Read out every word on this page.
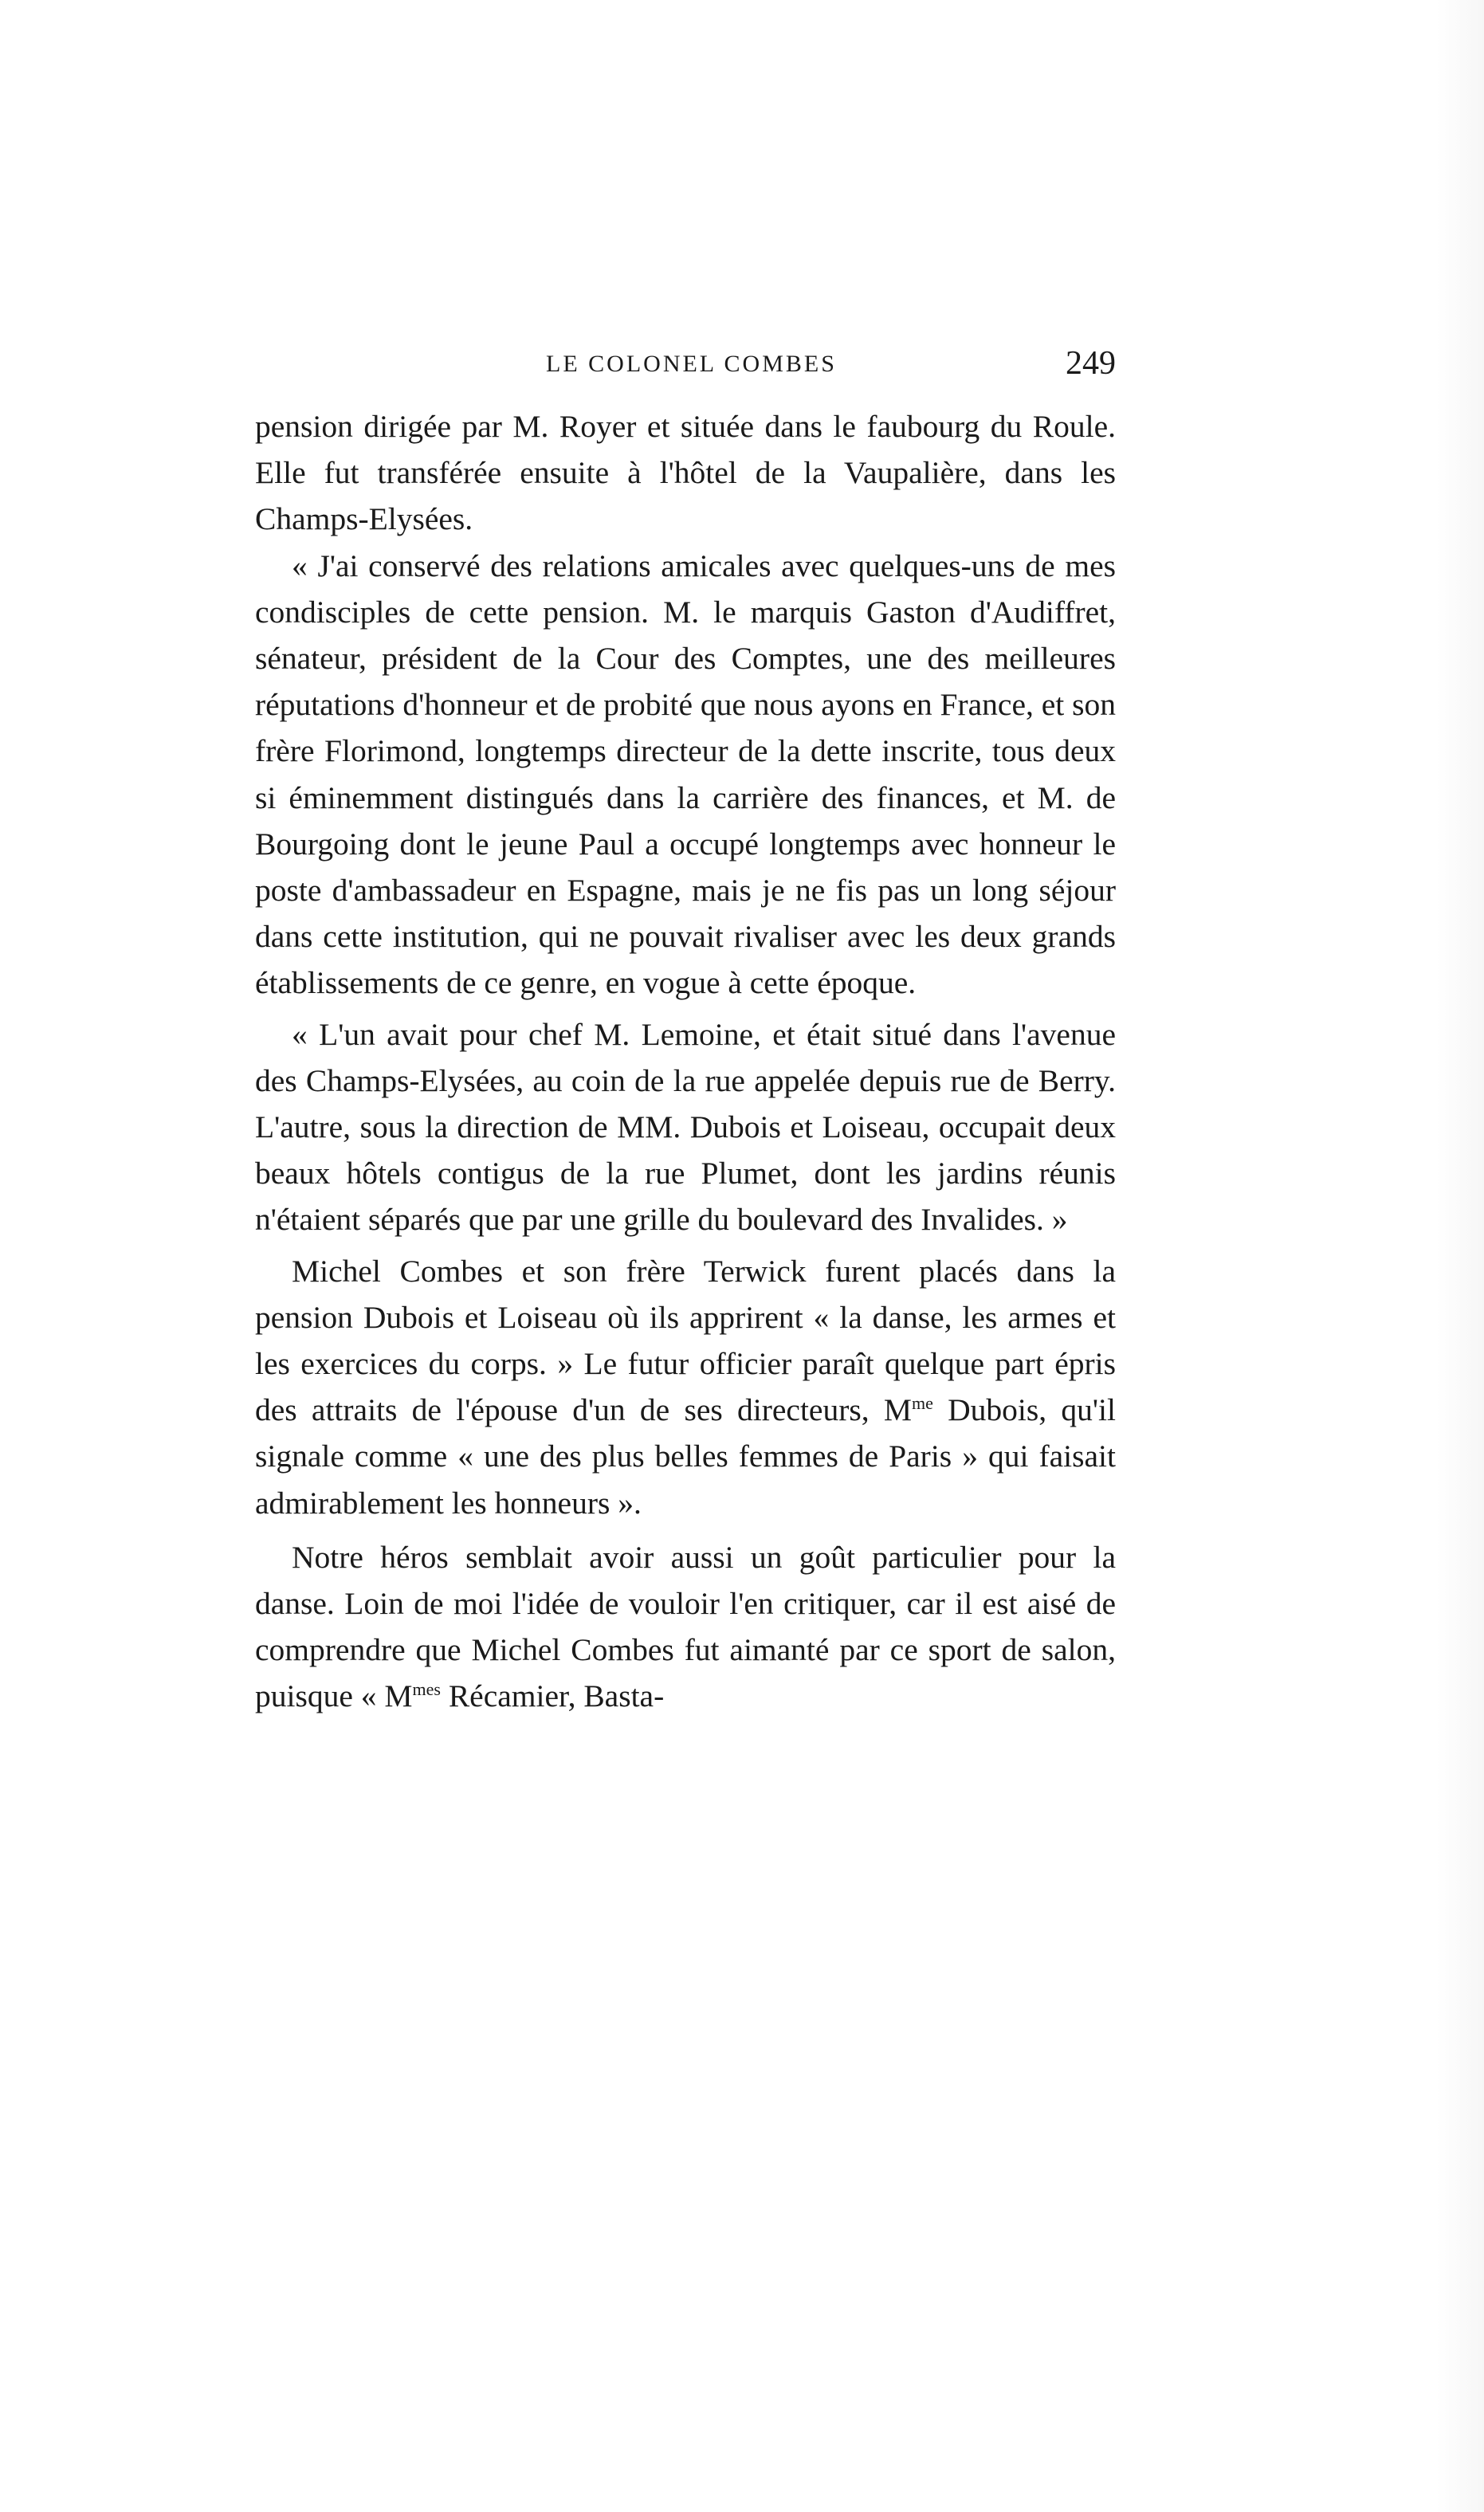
LE COLONEL COMBES	249

pension dirigée par M. Royer et située dans le faubourg du Roule. Elle fut transférée ensuite à l'hôtel de la Vaupalière, dans les Champs-Elysées.

« J'ai conservé des relations amicales avec quelques-uns de mes condisciples de cette pension. M. le marquis Gaston d'Audiffret, sénateur, président de la Cour des Comptes, une des meilleures réputations d'honneur et de probité que nous ayons en France, et son frère Florimond, longtemps directeur de la dette inscrite, tous deux si éminemment distingués dans la carrière des finances, et M. de Bourgoing dont le jeune Paul a occupé longtemps avec honneur le poste d'ambassadeur en Espagne, mais je ne fis pas un long séjour dans cette institution, qui ne pouvait rivaliser avec les deux grands établissements de ce genre, en vogue à cette époque.

« L'un avait pour chef M. Lemoine, et était situé dans l'avenue des Champs-Elysées, au coin de la rue appelée depuis rue de Berry. L'autre, sous la direction de MM. Dubois et Loiseau, occupait deux beaux hôtels contigus de la rue Plumet, dont les jardins réunis n'étaient séparés que par une grille du boulevard des Invalides. »

Michel Combes et son frère Terwick furent placés dans la pension Dubois et Loiseau où ils apprirent « la danse, les armes et les exercices du corps. » Le futur officier paraît quelque part épris des attraits de l'épouse d'un de ses directeurs, $M^{me}$ Dubois, qu'il signale comme « une des plus belles femmes de Paris » qui faisait admirablement les honneurs ».

Notre héros semblait avoir aussi un goût particulier pour la danse. Loin de moi l'idée de vouloir l'en critiquer, car il est aisé de comprendre que Michel Combes fut aimanté par ce sport de salon, puisque « $M^{mes}$ Récamier, Basta-
